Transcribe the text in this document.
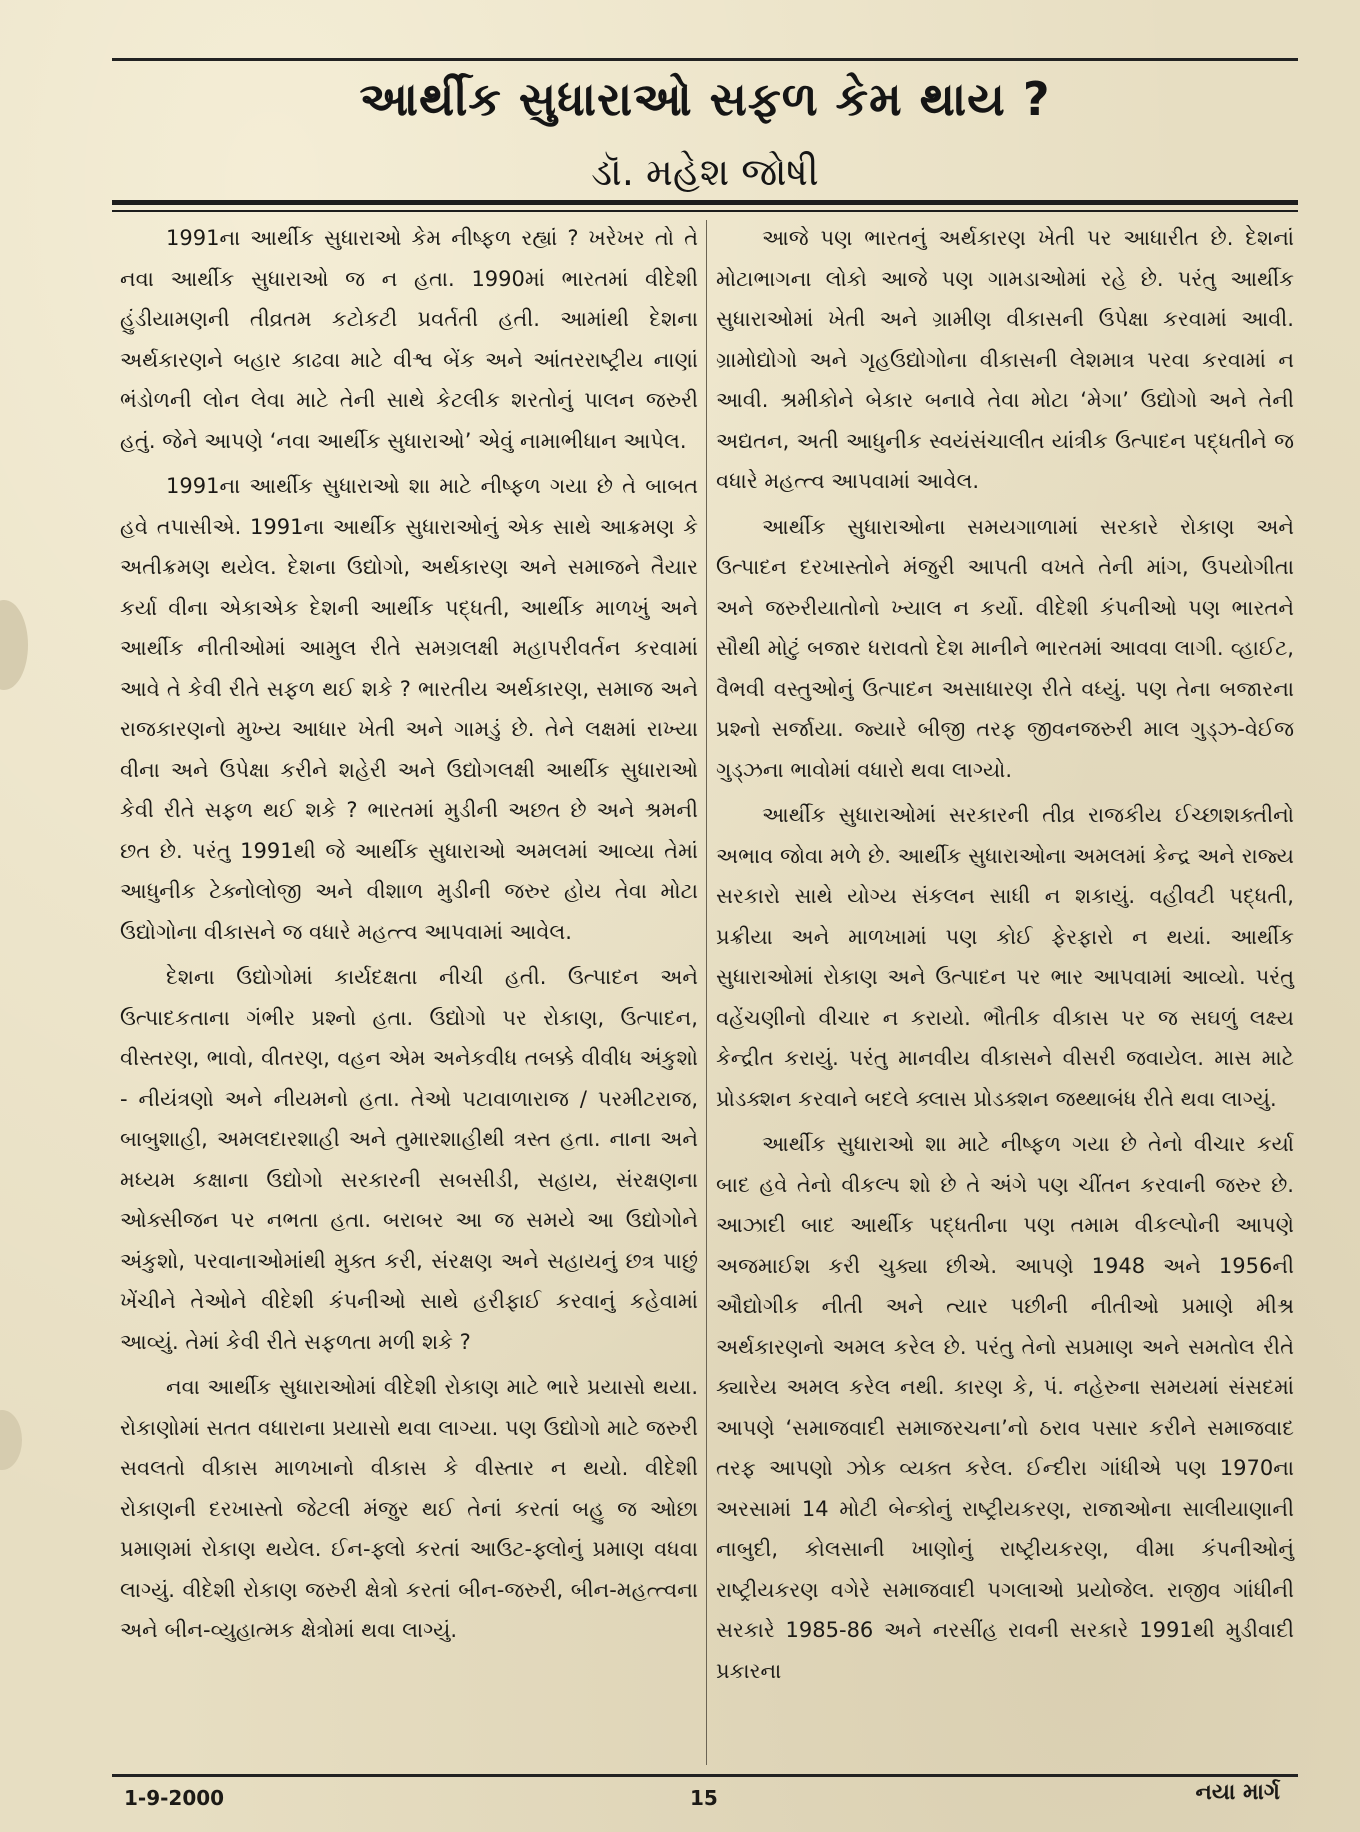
આર્થીક સુધારાઓ સફળ કેમ થાય ?
ડૉ. મહેશ જોષી

1991ના આર્થીક સુધારાઓ કેમ નીષ્ફળ રહ્યાં ? ખરેખર તો તે નવા આર્થીક સુધારાઓ જ ન હતા. 1990માં ભારતમાં વીદેશી હુંડીયામણની તીવ્રતમ કટોકટી પ્રવર્તતી હતી. આમાંથી દેશના અર્થકારણને બહાર કાઢવા માટે વીશ્વ બેંક અને આંતરરાષ્ટ્રીય નાણાં ભંડોળની લોન લેવા માટે તેની સાથે કેટલીક શરતોનું પાલન જરુરી હતું. જેને આપણે ‘નવા આર્થીક સુધારાઓ’ એવું નામાભીધાન આપેલ.

1991ના આર્થીક સુધારાઓ શા માટે નીષ્ફળ ગયા છે તે બાબત હવે તપાસીએ. 1991ના આર્થીક સુધારાઓનું એક સાથે આક્રમણ કે અતીક્રમણ થયેલ. દેશના ઉદ્યોગો, અર્થકારણ અને સમાજને તૈયાર કર્યા વીના એકાએક દેશની આર્થીક પદ્ધતી, આર્થીક માળખું અને આર્થીક નીતીઓમાં આમુલ રીતે સમગ્રલક્ષી મહાપરીવર્તન કરવામાં આવે તે કેવી રીતે સફળ થઈ શકે ? ભારતીય અર્થકારણ, સમાજ અને રાજકારણનો મુખ્ય આધાર ખેતી અને ગામડું છે. તેને લક્ષમાં રાખ્યા વીના અને ઉપેક્ષા કરીને શહેરી અને ઉદ્યોગલક્ષી આર્થીક સુધારાઓ કેવી રીતે સફળ થઈ શકે ? ભારતમાં મુડીની અછત છે અને શ્રમની છત છે. પરંતુ 1991થી જે આર્થીક સુધારાઓ અમલમાં આવ્યા તેમાં આધુનીક ટેક્નોલોજી અને વીશાળ મુડીની જરુર હોય તેવા મોટા ઉદ્યોગોના વીકાસને જ વધારે મહત્ત્વ આપવામાં આવેલ.

દેશના ઉદ્યોગોમાં કાર્યદક્ષતા નીચી હતી. ઉત્પાદન અને ઉત્પાદકતાના ગંભીર પ્રશ્નો હતા. ઉદ્યોગો પર રોકાણ, ઉત્પાદન, વીસ્તરણ, ભાવો, વીતરણ, વહન એમ અનેકવીધ તબક્કે વીવીધ અંકુશો - નીયંત્રણો અને નીયમનો હતા. તેઓ પટાવાળારાજ / પરમીટરાજ, બાબુશાહી, અમલદારશાહી અને તુમારશાહીથી ત્રસ્ત હતા. નાના અને મધ્યમ કક્ષાના ઉદ્યોગો સરકારની સબસીડી, સહાય, સંરક્ષણના ઓક્સીજન પર નભતા હતા. બરાબર આ જ સમયે આ ઉદ્યોગોને અંકુશો, પરવાનાઓમાંથી મુક્ત કરી, સંરક્ષણ અને સહાયનું છત્ર પાછું ખેંચીને તેઓને વીદેશી કંપનીઓ સાથે હરીફાઈ કરવાનું કહેવામાં આવ્યું. તેમાં કેવી રીતે સફળતા મળી શકે ?

નવા આર્થીક સુધારાઓમાં વીદેશી રોકાણ માટે ભારે પ્રયાસો થયા. રોકાણોમાં સતત વધારાના પ્રયાસો થવા લાગ્યા. પણ ઉદ્યોગો માટે જરુરી સવલતો વીકાસ માળખાનો વીકાસ કે વીસ્તાર ન થયો. વીદેશી રોકાણની દરખાસ્તો જેટલી મંજુર થઈ તેનાં કરતાં બહુ જ ઓછા પ્રમાણમાં રોકાણ થયેલ. ઈન-ફ્લો કરતાં આઉટ-ફ્લોનું પ્રમાણ વધવા લાગ્યું. વીદેશી રોકાણ જરુરી ક્ષેત્રો કરતાં બીન-જરુરી, બીન-મહત્ત્વના અને બીન-વ્યુહાત્મક ક્ષેત્રોમાં થવા લાગ્યું.

આજે પણ ભારતનું અર્થકારણ ખેતી પર આધારીત છે. દેશનાં મોટાભાગના લોકો આજે પણ ગામડાઓમાં રહે છે. પરંતુ આર્થીક સુધારાઓમાં ખેતી અને ગ્રામીણ વીકાસની ઉપેક્ષા કરવામાં આવી. ગ્રામોદ્યોગો અને ગૃહઉદ્યોગોના વીકાસની લેશમાત્ર પરવા કરવામાં ન આવી. શ્રમીકોને બેકાર બનાવે તેવા મોટા ‘મેગા’ ઉદ્યોગો અને તેની અદ્યતન, અતી આધુનીક સ્વયંસંચાલીત યાંત્રીક ઉત્પાદન પદ્ધતીને જ વધારે મહત્ત્વ આપવામાં આવેલ.

આર્થીક સુધારાઓના સમયગાળામાં સરકારે રોકાણ અને ઉત્પાદન દરખાસ્તોને મંજુરી આપતી વખતે તેની માંગ, ઉપયોગીતા અને જરુરીયાતોનો ખ્યાલ ન કર્યો. વીદેશી કંપનીઓ પણ ભારતને સૌથી મોટું બજાર ધરાવતો દેશ માનીને ભારતમાં આવવા લાગી. વ્હાઈટ, વૈભવી વસ્તુઓનું ઉત્પાદન અસાધારણ રીતે વધ્યું. પણ તેના બજારના પ્રશ્નો સર્જાયા. જ્યારે બીજી તરફ જીવનજરુરી માલ ગુડ્ઝ-વેઈજ ગુડ્ઝના ભાવોમાં વધારો થવા લાગ્યો.

આર્થીક સુધારાઓમાં સરકારની તીવ્ર રાજકીય ઈચ્છાશક્તીનો અભાવ જોવા મળે છે. આર્થીક સુધારાઓના અમલમાં કેન્દ્ર અને રાજ્ય સરકારો સાથે યોગ્ય સંકલન સાધી ન શકાયું. વહીવટી પદ્ધતી, પ્રક્રીયા અને માળખામાં પણ કોઈ ફેરફારો ન થયાં. આર્થીક સુધારાઓમાં રોકાણ અને ઉત્પાદન પર ભાર આપવામાં આવ્યો. પરંતુ વહેંચણીનો વીચાર ન કરાયો. ભૌતીક વીકાસ પર જ સઘળું લક્ષ્ય કેન્દ્રીત કરાયું. પરંતુ માનવીય વીકાસને વીસરી જવાયેલ. માસ માટે પ્રોડક્શન કરવાને બદલે ક્લાસ પ્રોડક્શન જથ્થાબંધ રીતે થવા લાગ્યું.

આર્થીક સુધારાઓ શા માટે નીષ્ફળ ગયા છે તેનો વીચાર કર્યા બાદ હવે તેનો વીકલ્પ શો છે તે અંગે પણ ચીંતન કરવાની જરુર છે. આઝાદી બાદ આર્થીક પદ્ધતીના પણ તમામ વીકલ્પોની આપણે અજમાઈશ કરી ચુક્યા છીએ. આપણે 1948 અને 1956ની ઔદ્યોગીક નીતી અને ત્યાર પછીની નીતીઓ પ્રમાણે મીશ્ર અર્થકારણનો અમલ કરેલ છે. પરંતુ તેનો સપ્રમાણ અને સમતોલ રીતે ક્યારેય અમલ કરેલ નથી. કારણ કે, પં. નહેરુના સમયમાં સંસદમાં આપણે ‘સમાજવાદી સમાજરચના’નો ઠરાવ પસાર કરીને સમાજવાદ તરફ આપણો ઝોક વ્યક્ત કરેલ. ઈન્દીરા ગાંધીએ પણ 1970ના અરસામાં 14 મોટી બેન્કોનું રાષ્ટ્રીયકરણ, રાજાઓના સાલીયાણાની નાબુદી, કોલસાની ખાણોનું રાષ્ટ્રીયકરણ, વીમા કંપનીઓનું રાષ્ટ્રીયકરણ વગેરે સમાજવાદી પગલાઓ પ્રયોજેલ. રાજીવ ગાંધીની સરકારે 1985-86 અને નરસીંહ રાવની સરકારે 1991થી મુડીવાદી પ્રકારના

1-9-2000	15	નયા માર્ગ
